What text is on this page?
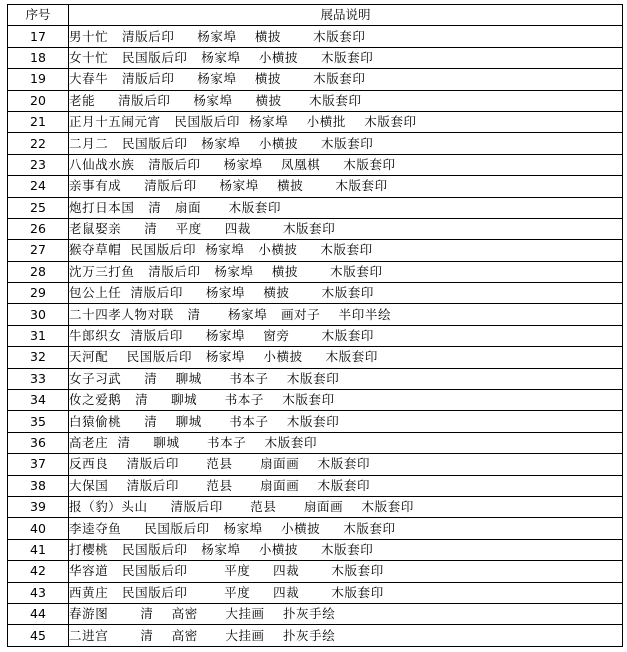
序号	展品说明
17	男十忙   清版后印     杨家埠    横披       木版套印
18	女十忙   民国版后印   杨家埠    小横披     木版套印
19	大春牛   清版后印     杨家埠    横披       木版套印
20	老能     清版后印     杨家埠     横披      木版套印
21	正月十五闹元宵   民国版后印  杨家埠    小横批    木版套印
22	二月二   民国版后印   杨家埠    小横披     木版套印
23	八仙战水族   清版后印     杨家埠    凤凰棋     木版套印
24	亲事有成     清版后印     杨家埠    横披       木版套印
25	炮打日本国   清   扇面      木版套印
26	老鼠娶亲     清    平度     四裁       木版套印
27	猴夺草帽  民国版后印  杨家埠   小横披     木版套印
28	沈万三打鱼   清版后印   杨家埠    横披       木版套印
29	包公上任  清版后印     杨家埠    横披       木版套印
30	二十四孝人物对联   清      杨家埠   画对子    半印半绘
31	牛郎织女  清版后印     杨家埠    窗旁       木版套印
32	天河配    民国版后印   杨家埠    小横披     木版套印
33	女子习武     清    聊城      书本子    木版套印
34	㚢之爱鹅   清     聊城      书本子    木版套印
35	白猿偷桃     清    聊城      书本子    木版套印
36	高老庄  清     聊城      书本子    木版套印
37	反西良    清版后印      范县      扇面画    木版套印
38	大保国    清版后印      范县      扇面画    木版套印
39	报（豹）头山     清版后印      范县      扇面画    木版套印
40	李逵夺鱼     民国版后印   杨家埠    小横披     木版套印
41	打樱桃   民国版后印   杨家埠    小横披     木版套印
42	华容道   民国版后印        平度     四裁       木版套印
43	西黄庄   民国版后印        平度     四裁       木版套印
44	春游图       清    高密      大挂画    扑灰手绘
45	二进宫       清    高密      大挂画    扑灰手绘
